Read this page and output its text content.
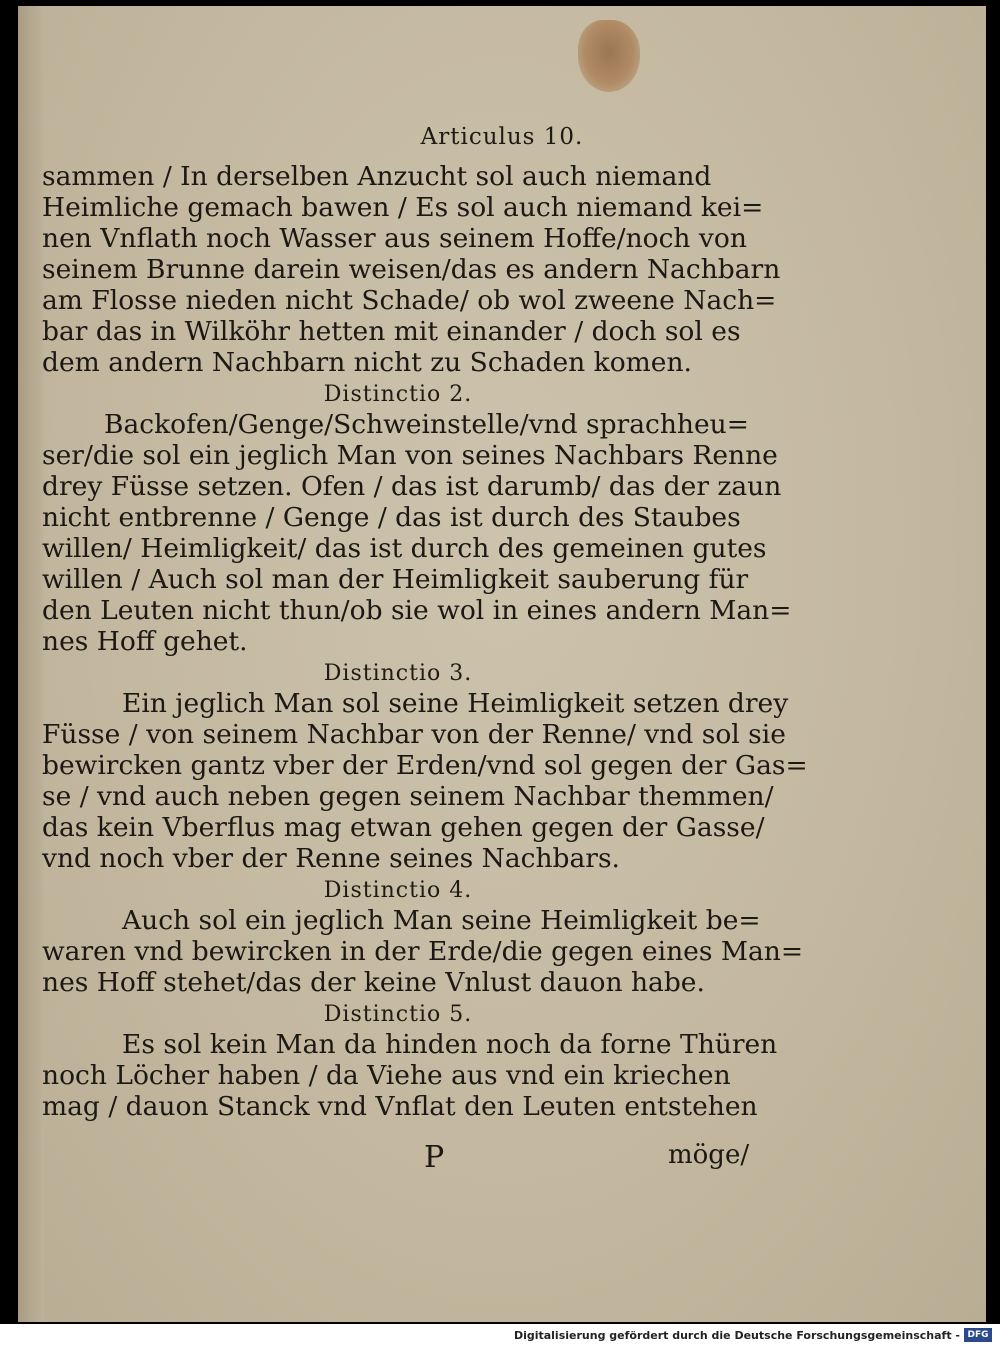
Articulus 10.
sammen / In derselben Anzucht sol auch niemand
Heimliche gemach bawen / Es sol auch niemand kei=
nen Vnflath noch Wasser aus seinem Hoffe/noch von
seinem Brunne darein weisen/das es andern Nachbarn
am Flosse nieden nicht Schade/ ob wol zweene Nach=
bar das in Wilköhr hetten mit einander / doch sol es
dem andern Nachbarn nicht zu Schaden komen.
Distinctio 2.
Backofen/Genge/Schweinstelle/vnd sprachheu=
ser/die sol ein jeglich Man von seines Nachbars Renne
drey Füsse setzen. Ofen / das ist darumb/ das der zaun
nicht entbrenne / Genge / das ist durch des Staubes
willen/ Heimligkeit/ das ist durch des gemeinen gutes
willen / Auch sol man der Heimligkeit sauberung für
den Leuten nicht thun/ob sie wol in eines andern Man=
nes Hoff gehet.
Distinctio 3.
Ein jeglich Man sol seine Heimligkeit setzen drey
Füsse / von seinem Nachbar von der Renne/ vnd sol sie
bewircken gantz vber der Erden/vnd sol gegen der Gas=
se / vnd auch neben gegen seinem Nachbar themmen/
das kein Vberflus mag etwan gehen gegen der Gasse/
vnd noch vber der Renne seines Nachbars.
Distinctio 4.
Auch sol ein jeglich Man seine Heimligkeit be=
waren vnd bewircken in der Erde/die gegen eines Man=
nes Hoff stehet/das der keine Vnlust dauon habe.
Distinctio 5.
Es sol kein Man da hinden noch da forne Thüren
noch Löcher haben / da Viehe aus vnd ein kriechen
mag / dauon Stanck vnd Vnflat den Leuten entstehen
P	möge/
Digitalisierung gefördert durch die Deutsche Forschungsgemeinschaft - DFG
